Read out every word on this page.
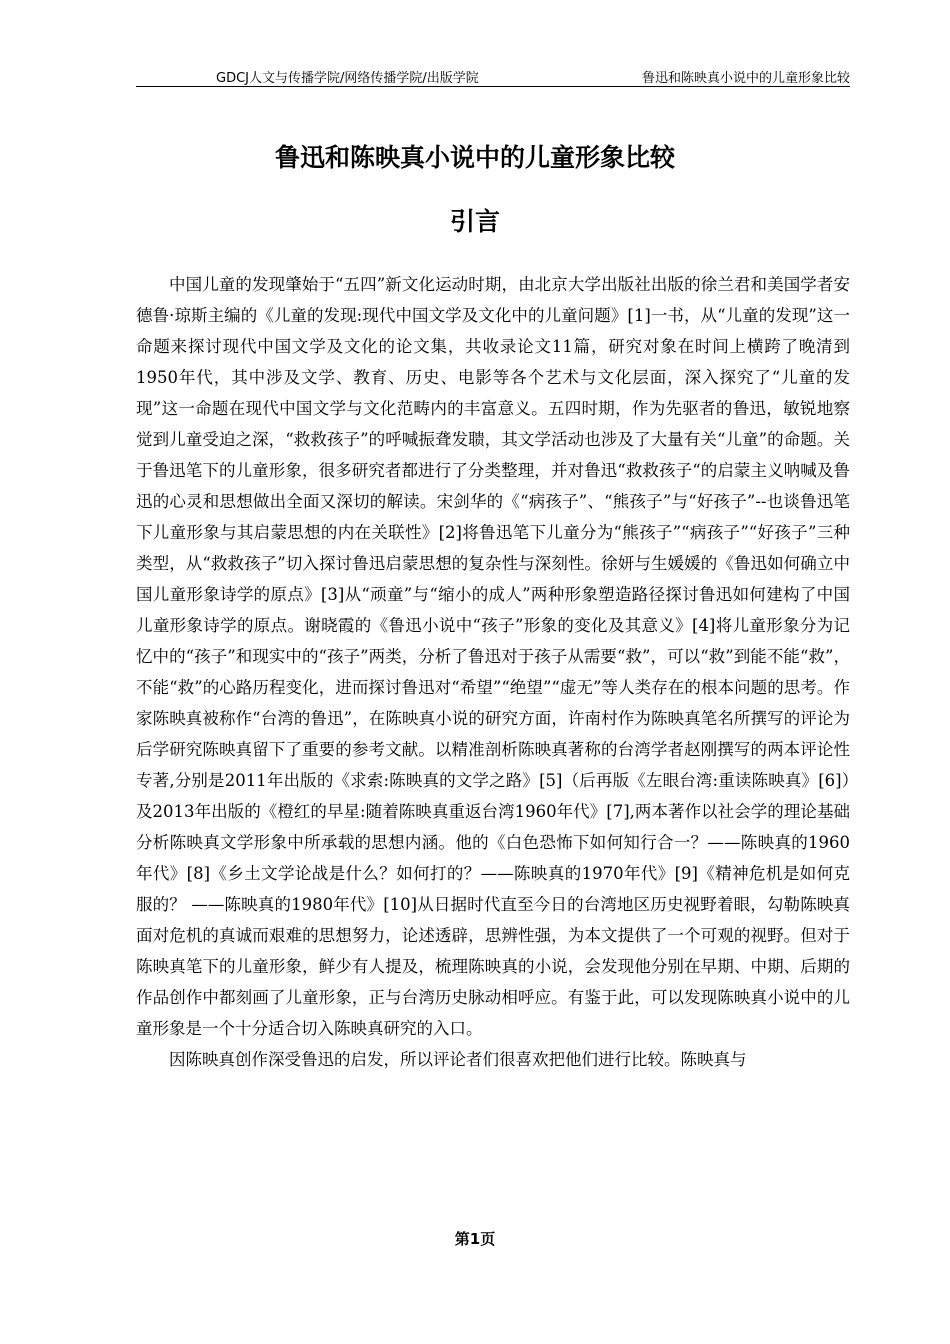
GDCJ人文与传播学院/网络传播学院/出版学院	鲁迅和陈映真小说中的儿童形象比较
鲁迅和陈映真小说中的儿童形象比较
引言

中国儿童的发现肇始于“五四”新文化运动时期，由北京大学出版社出版的徐兰君和美国学者安德鲁·琼斯主编的《儿童的发现:现代中国文学及文化中的儿童问题》[1]一书，从“儿童的发现”这一命题来探讨现代中国文学及文化的论文集，共收录论文11篇，研究对象在时间上横跨了晚清到1950年代，其中涉及文学、教育、历史、电影等各个艺术与文化层面，深入探究了“儿童的发现”这一命题在现代中国文学与文化范畴内的丰富意义。五四时期，作为先驱者的鲁迅，敏锐地察觉到儿童受迫之深，“救救孩子”的呼喊振聋发聩，其文学活动也涉及了大量有关“儿童”的命题。关于鲁迅笔下的儿童形象，很多研究者都进行了分类整理，并对鲁迅“救救孩子“的启蒙主义呐喊及鲁迅的心灵和思想做出全面又深切的解读。宋剑华的《“病孩子”、“熊孩子”与“好孩子”--也谈鲁迅笔下儿童形象与其启蒙思想的内在关联性》[2]将鲁迅笔下儿童分为“熊孩子”“病孩子”“好孩子”三种类型，从“救救孩子”切入探讨鲁迅启蒙思想的复杂性与深刻性。徐妍与生媛媛的《鲁迅如何确立中国儿童形象诗学的原点》[3]从“顽童”与“缩小的成人”两种形象塑造路径探讨鲁迅如何建构了中国儿童形象诗学的原点。谢晓霞的《鲁迅小说中“孩子”形象的变化及其意义》[4]将儿童形象分为记忆中的“孩子”和现实中的“孩子”两类，分析了鲁迅对于孩子从需要“救”，可以“救”到能不能“救”，不能“救”的心路历程变化，进而探讨鲁迅对“希望”“绝望”“虚无”等人类存在的根本问题的思考。作家陈映真被称作“台湾的鲁迅”，在陈映真小说的研究方面，许南村作为陈映真笔名所撰写的评论为后学研究陈映真留下了重要的参考文献。以精准剖析陈映真著称的台湾学者赵刚撰写的两本评论性专著,分别是2011年出版的《求索:陈映真的文学之路》[5]（后再版《左眼台湾:重读陈映真》[6]）及2013年出版的《橙红的早星:随着陈映真重返台湾1960年代》[7],两本著作以社会学的理论基础分析陈映真文学形象中所承载的思想内涵。他的《白色恐怖下如何知行合一？——陈映真的1960年代》[8]《乡土文学论战是什么？如何打的？——陈映真的1970年代》[9]《精神危机是如何克服的？ ——陈映真的1980年代》[10]从日据时代直至今日的台湾地区历史视野着眼，勾勒陈映真面对危机的真诚而艰难的思想努力，论述透辟，思辨性强，为本文提供了一个可观的视野。但对于陈映真笔下的儿童形象，鲜少有人提及，梳理陈映真的小说，会发现他分别在早期、中期、后期的作品创作中都刻画了儿童形象，正与台湾历史脉动相呼应。有鉴于此，可以发现陈映真小说中的儿童形象是一个十分适合切入陈映真研究的入口。

因陈映真创作深受鲁迅的启发，所以评论者们很喜欢把他们进行比较。陈映真与

第1页
